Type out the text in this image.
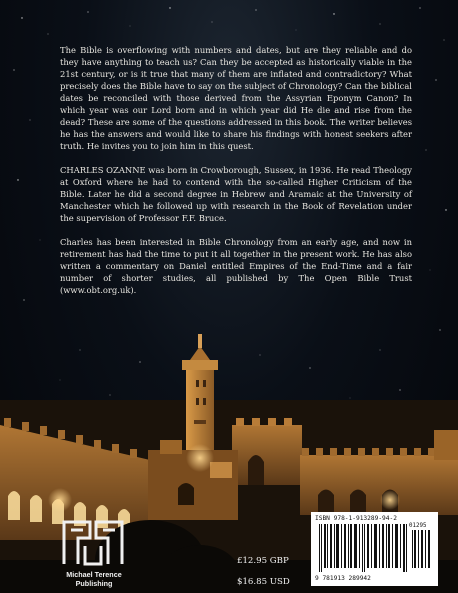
The Bible is overflowing with numbers and dates, but are they reliable and do they have anything to teach us? Can they be accepted as historically viable in the 21st century, or is it true that many of them are inflated and contradictory? What precisely does the Bible have to say on the subject of Chronology? Can the biblical dates be reconciled with those derived from the Assyrian Eponym Canon? In which year was our Lord born and in which year did He die and rise from the dead? These are some of the questions addressed in this book. The writer believes he has the answers and would like to share his findings with honest seekers after truth. He invites you to join him in this quest.

CHARLES OZANNE was born in Crowborough, Sussex, in 1936. He read Theology at Oxford where he had to contend with the so-called Higher Criticism of the Bible. Later he did a second degree in Hebrew and Aramaic at the University of Manchester which he followed up with research in the Book of Revelation under the supervision of Professor F.F. Bruce.

Charles has been interested in Bible Chronology from an early age, and now in retirement has had the time to put it all together in the present work. He has also written a commentary on Daniel entitled Empires of the End-Time and a fair number of shorter studies, all published by The Open Bible Trust (www.obt.org.uk).

Michael Terence
Publishing
£12.95 GBP
$16.85 USD
ISBN 978-1-913289-94-2
9 781913 289942
01295
